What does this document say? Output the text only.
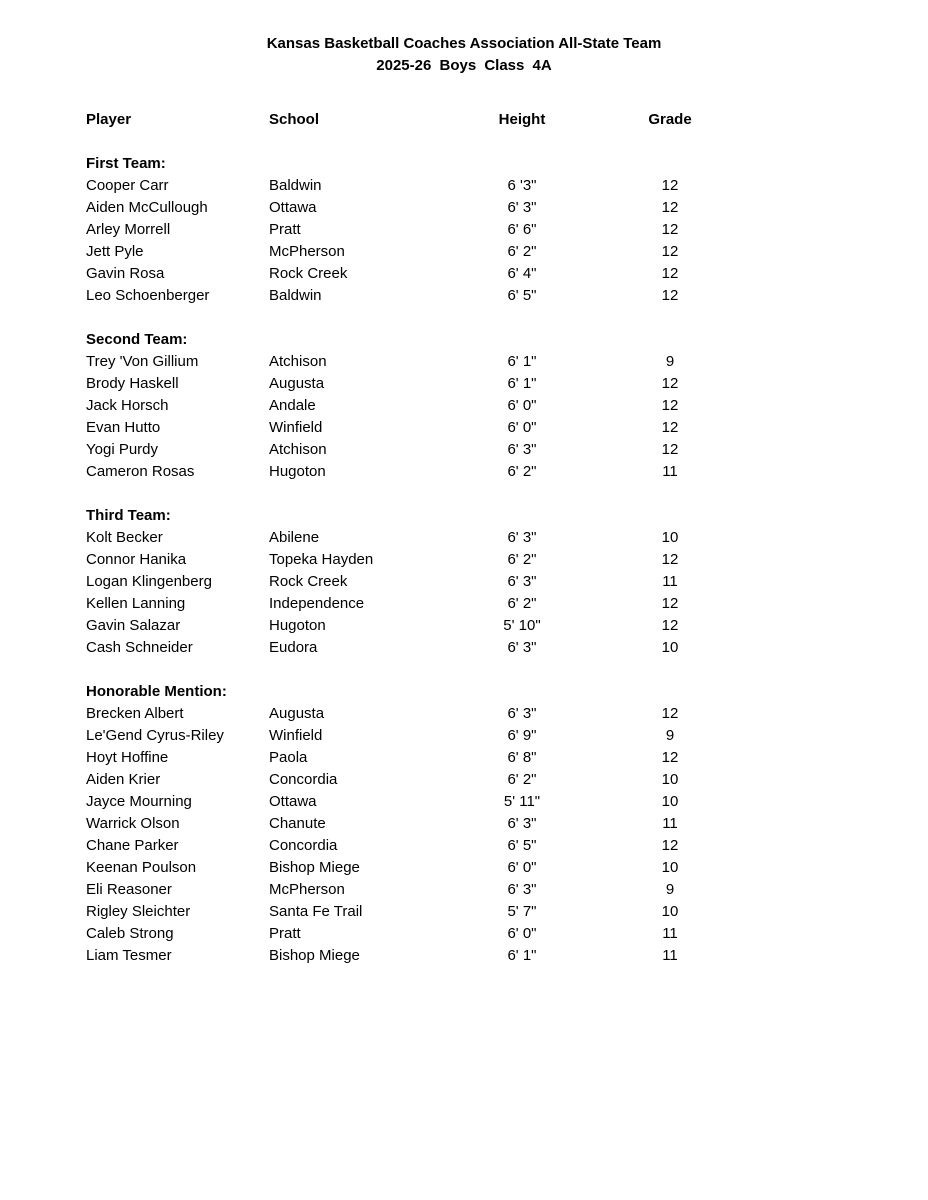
Kansas Basketball Coaches Association All-State Team
2025-26 Boys Class 4A
Player	School	Height	Grade
First Team:
Cooper Carr	Baldwin	6 '3"	12
Aiden McCullough	Ottawa	6' 3"	12
Arley Morrell	Pratt	6' 6"	12
Jett Pyle	McPherson	6' 2"	12
Gavin Rosa	Rock Creek	6' 4"	12
Leo Schoenberger	Baldwin	6' 5"	12
Second Team:
Trey 'Von Gillium	Atchison	6' 1"	9
Brody Haskell	Augusta	6' 1"	12
Jack Horsch	Andale	6' 0"	12
Evan Hutto	Winfield	6' 0"	12
Yogi Purdy	Atchison	6' 3"	12
Cameron Rosas	Hugoton	6' 2"	11
Third Team:
Kolt Becker	Abilene	6' 3"	10
Connor Hanika	Topeka Hayden	6' 2"	12
Logan Klingenberg	Rock Creek	6' 3"	11
Kellen Lanning	Independence	6' 2"	12
Gavin Salazar	Hugoton	5' 10"	12
Cash Schneider	Eudora	6' 3"	10
Honorable Mention:
Brecken Albert	Augusta	6' 3"	12
Le'Gend Cyrus-Riley	Winfield	6' 9"	9
Hoyt Hoffine	Paola	6' 8"	12
Aiden Krier	Concordia	6' 2"	10
Jayce Mourning	Ottawa	5' 11"	10
Warrick Olson	Chanute	6' 3"	11
Chane Parker	Concordia	6' 5"	12
Keenan Poulson	Bishop Miege	6' 0"	10
Eli Reasoner	McPherson	6' 3"	9
Rigley Sleichter	Santa Fe Trail	5' 7"	10
Caleb Strong	Pratt	6' 0"	11
Liam Tesmer	Bishop Miege	6' 1"	11
